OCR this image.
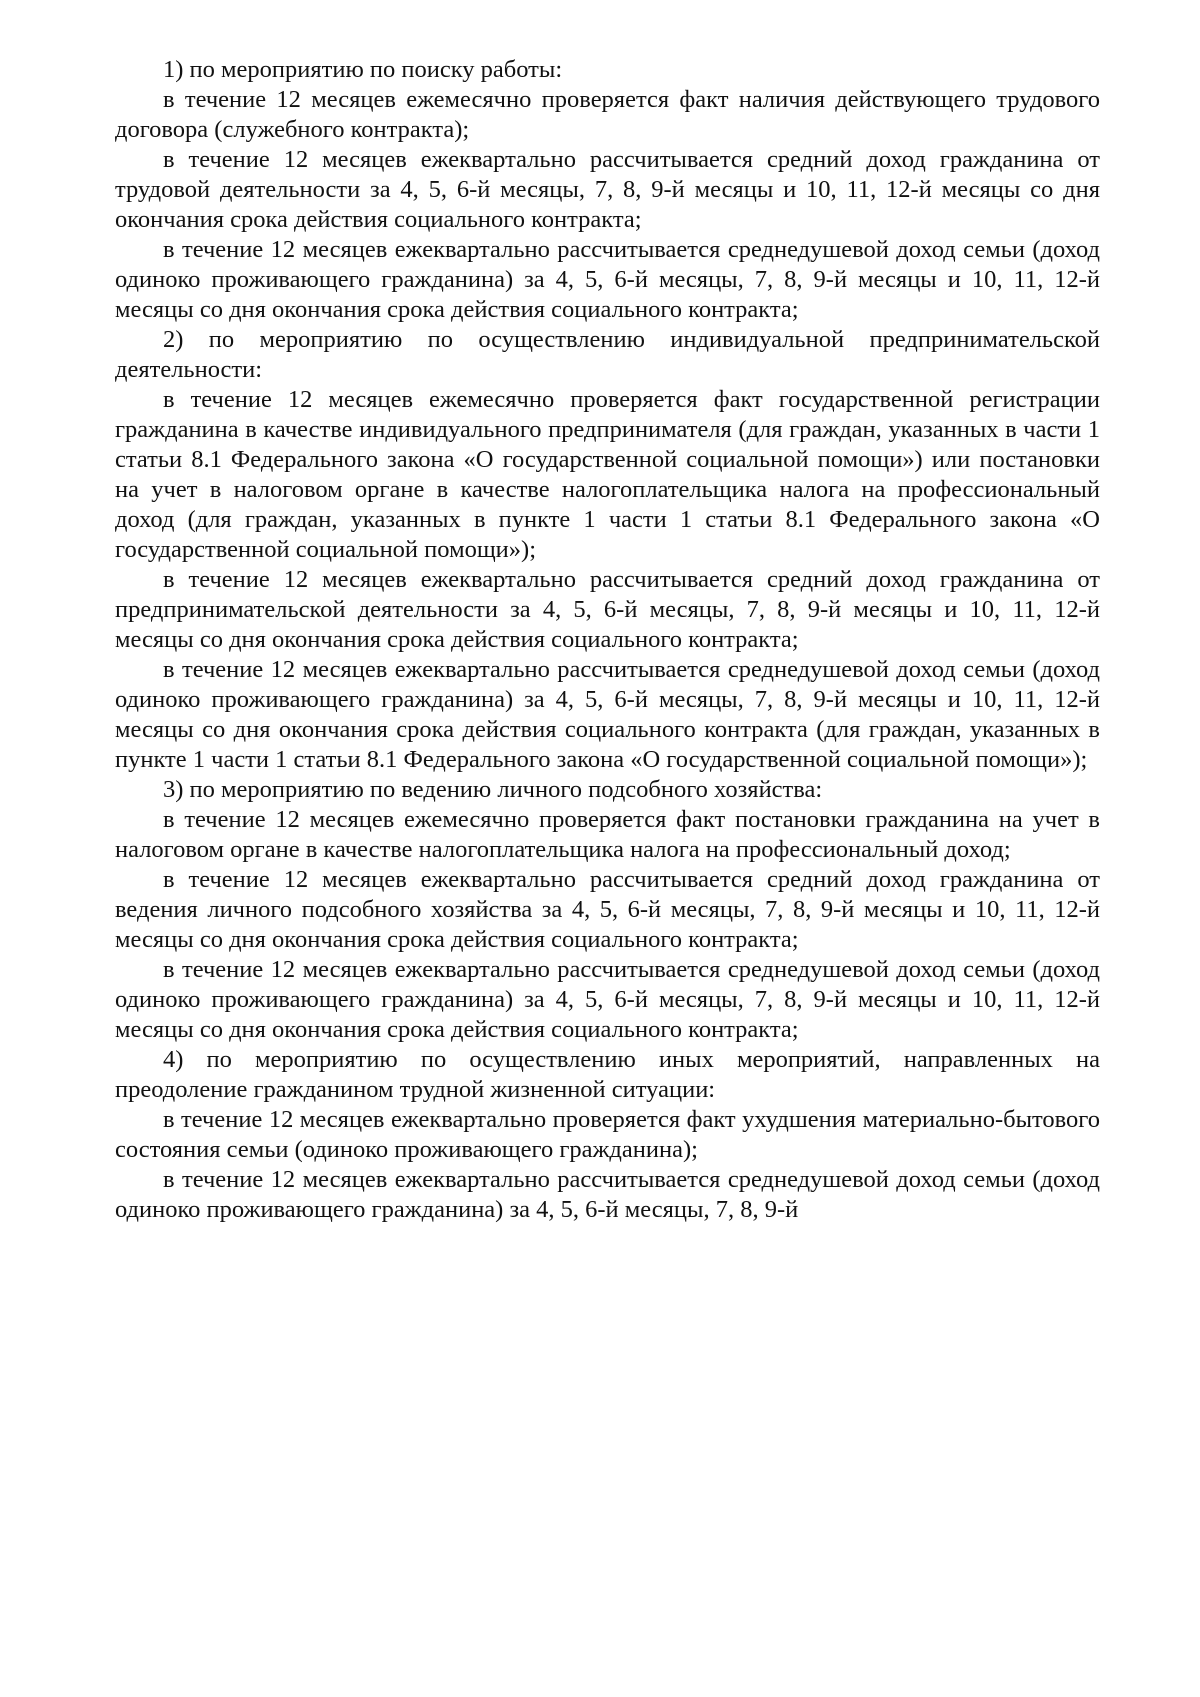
1) по мероприятию по поиску работы:

в течение 12 месяцев ежемесячно проверяется факт наличия действующего трудового договора (служебного контракта);

в течение 12 месяцев ежеквартально рассчитывается средний доход гражданина от трудовой деятельности за 4, 5, 6-й месяцы, 7, 8, 9-й месяцы и 10, 11, 12-й месяцы со дня окончания срока действия социального контракта;

в течение 12 месяцев ежеквартально рассчитывается среднедушевой доход семьи (доход одиноко проживающего гражданина) за 4, 5, 6-й месяцы, 7, 8, 9-й месяцы и 10, 11, 12-й месяцы со дня окончания срока действия социального контракта;

2) по мероприятию по осуществлению индивидуальной предпринимательской деятельности:

в течение 12 месяцев ежемесячно проверяется факт государственной регистрации гражданина в качестве индивидуального предпринимателя (для граждан, указанных в части 1 статьи 8.1 Федерального закона «О государственной социальной помощи») или постановки на учет в налоговом органе в качестве налогоплательщика налога на профессиональный доход (для граждан, указанных в пункте 1 части 1 статьи 8.1 Федерального закона «О государственной социальной помощи»);

в течение 12 месяцев ежеквартально рассчитывается средний доход гражданина от предпринимательской деятельности за 4, 5, 6-й месяцы, 7, 8, 9-й месяцы и 10, 11, 12-й месяцы со дня окончания срока действия социального контракта;

в течение 12 месяцев ежеквартально рассчитывается среднедушевой доход семьи (доход одиноко проживающего гражданина) за 4, 5, 6-й месяцы, 7, 8, 9-й месяцы и 10, 11, 12-й месяцы со дня окончания срока действия социального контракта (для граждан, указанных в пункте 1 части 1 статьи 8.1 Федерального закона «О государственной социальной помощи»);

3) по мероприятию по ведению личного подсобного хозяйства:

в течение 12 месяцев ежемесячно проверяется факт постановки гражданина на учет в налоговом органе в качестве налогоплательщика налога на профессиональный доход;

в течение 12 месяцев ежеквартально рассчитывается средний доход гражданина от ведения личного подсобного хозяйства за 4, 5, 6-й месяцы, 7, 8, 9-й месяцы и 10, 11, 12-й месяцы со дня окончания срока действия социального контракта;

в течение 12 месяцев ежеквартально рассчитывается среднедушевой доход семьи (доход одиноко проживающего гражданина) за 4, 5, 6-й месяцы, 7, 8, 9-й месяцы и 10, 11, 12-й месяцы со дня окончания срока действия социального контракта;

4) по мероприятию по осуществлению иных мероприятий, направленных на преодоление гражданином трудной жизненной ситуации:

в течение 12 месяцев ежеквартально проверяется факт ухудшения материально-бытового состояния семьи (одиноко проживающего гражданина);

в течение 12 месяцев ежеквартально рассчитывается среднедушевой доход семьи (доход одиноко проживающего гражданина) за 4, 5, 6-й месяцы, 7, 8, 9-й
